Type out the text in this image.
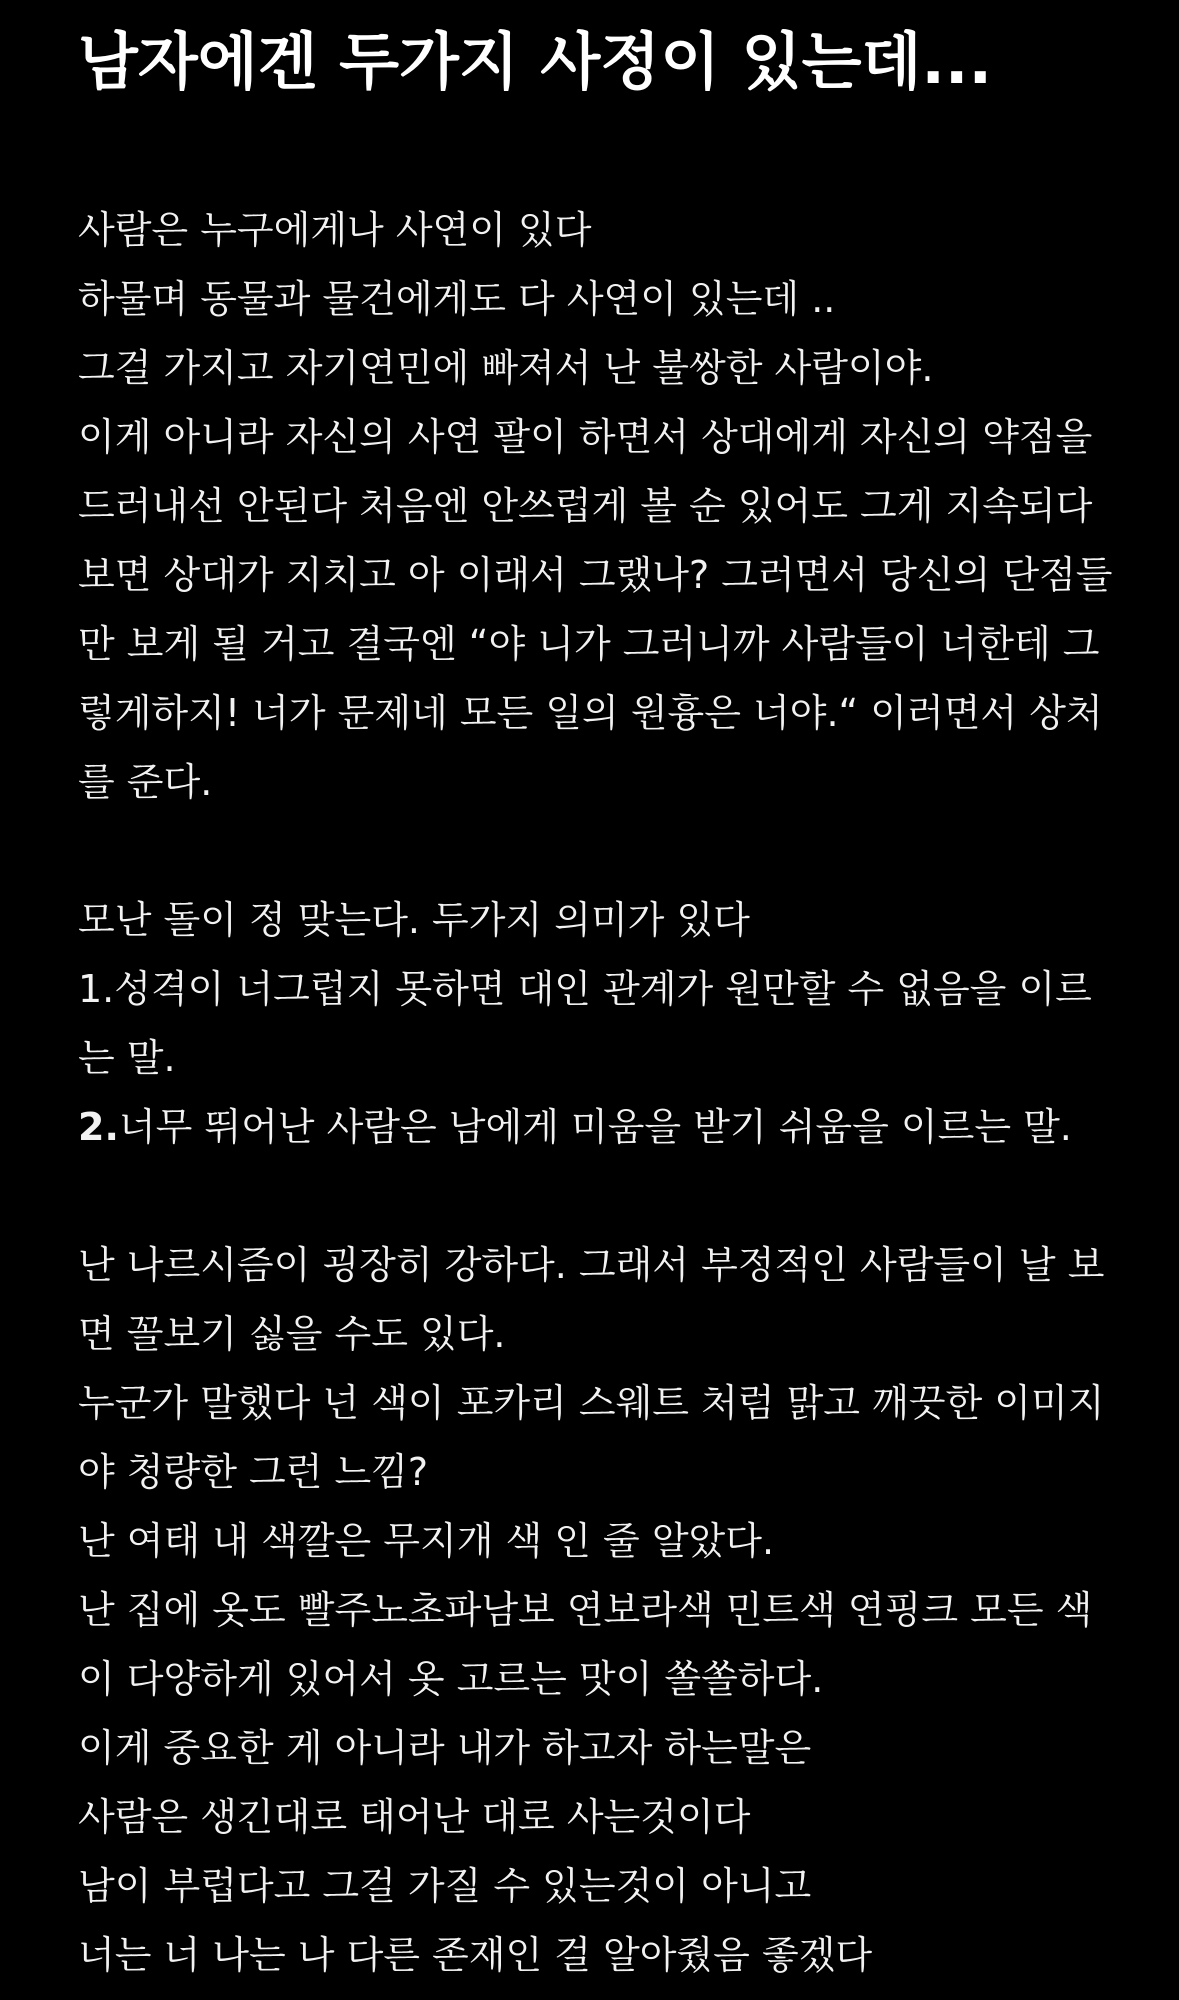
남자에겐 두가지 사정이 있는데...
사람은 누구에게나 사연이 있다
하물며 동물과 물건에게도 다 사연이 있는데 ..
그걸 가지고 자기연민에 빠져서 난 불쌍한 사람이야.
이게 아니라 자신의 사연 팔이 하면서 상대에게 자신의 약점을
드러내선 안된다 처음엔 안쓰럽게 볼 순 있어도 그게 지속되다
보면 상대가 지치고 아 이래서 그랬나? 그러면서 당신의 단점들
만 보게 될 거고 결국엔 “야 니가 그러니까 사람들이 너한테 그
렇게하지! 너가 문제네 모든 일의 원흉은 너야.“ 이러면서 상처
를 준다.
모난 돌이 정 맞는다. 두가지 의미가 있다
1.성격이 너그럽지 못하면 대인 관계가 원만할 수 없음을 이르
는 말.
2.너무 뛰어난 사람은 남에게 미움을 받기 쉬움을 이르는 말.
난 나르시즘이 굉장히 강하다. 그래서 부정적인 사람들이 날 보
면 꼴보기 싫을 수도 있다.
누군가 말했다 넌 색이 포카리 스웨트 처럼 맑고 깨끗한 이미지
야 청량한 그런 느낌?
난 여태 내 색깔은 무지개 색 인 줄 알았다.
난 집에 옷도 빨주노초파남보 연보라색 민트색 연핑크 모든 색
이 다양하게 있어서 옷 고르는 맛이 쏠쏠하다.
이게 중요한 게 아니라 내가 하고자 하는말은
사람은 생긴대로 태어난 대로 사는것이다
남이 부럽다고 그걸 가질 수 있는것이 아니고
너는 너 나는 나 다른 존재인 걸 알아줬음 좋겠다
